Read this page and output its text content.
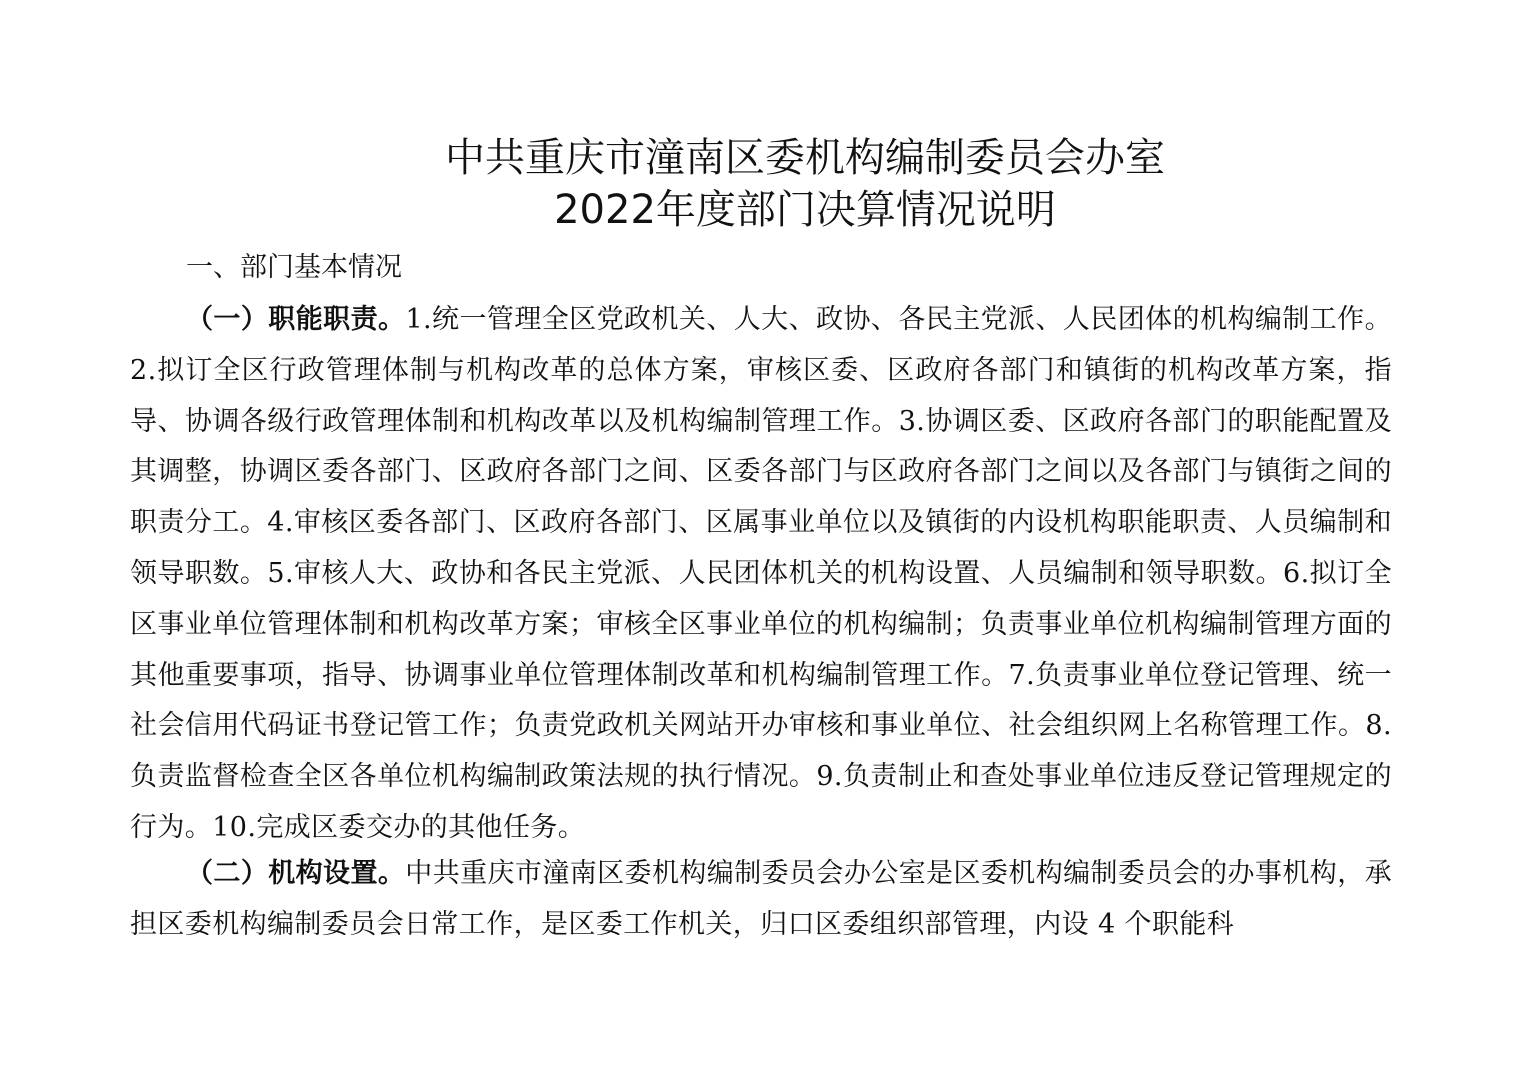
中共重庆市潼南区委机构编制委员会办室
2022年度部门决算情况说明
一、部门基本情况
（一）职能职责。1.统一管理全区党政机关、人大、政协、各民主党派、人民团体的机构编制工作。2.拟订全区行政管理体制与机构改革的总体方案，审核区委、区政府各部门和镇街的机构改革方案，指导、协调各级行政管理体制和机构改革以及机构编制管理工作。3.协调区委、区政府各部门的职能配置及其调整，协调区委各部门、区政府各部门之间、区委各部门与区政府各部门之间以及各部门与镇街之间的职责分工。4.审核区委各部门、区政府各部门、区属事业单位以及镇街的内设机构职能职责、人员编制和领导职数。5.审核人大、政协和各民主党派、人民团体机关的机构设置、人员编制和领导职数。6.拟订全区事业单位管理体制和机构改革方案；审核全区事业单位的机构编制；负责事业单位机构编制管理方面的其他重要事项，指导、协调事业单位管理体制改革和机构编制管理工作。7.负责事业单位登记管理、统一社会信用代码证书登记管工作；负责党政机关网站开办审核和事业单位、社会组织网上名称管理工作。8.负责监督检查全区各单位机构编制政策法规的执行情况。9.负责制止和查处事业单位违反登记管理规定的行为。10.完成区委交办的其他任务。
（二）机构设置。中共重庆市潼南区委机构编制委员会办公室是区委机构编制委员会的办事机构，承担区委机构编制委员会日常工作，是区委工作机关，归口区委组织部管理，内设 4 个职能科
